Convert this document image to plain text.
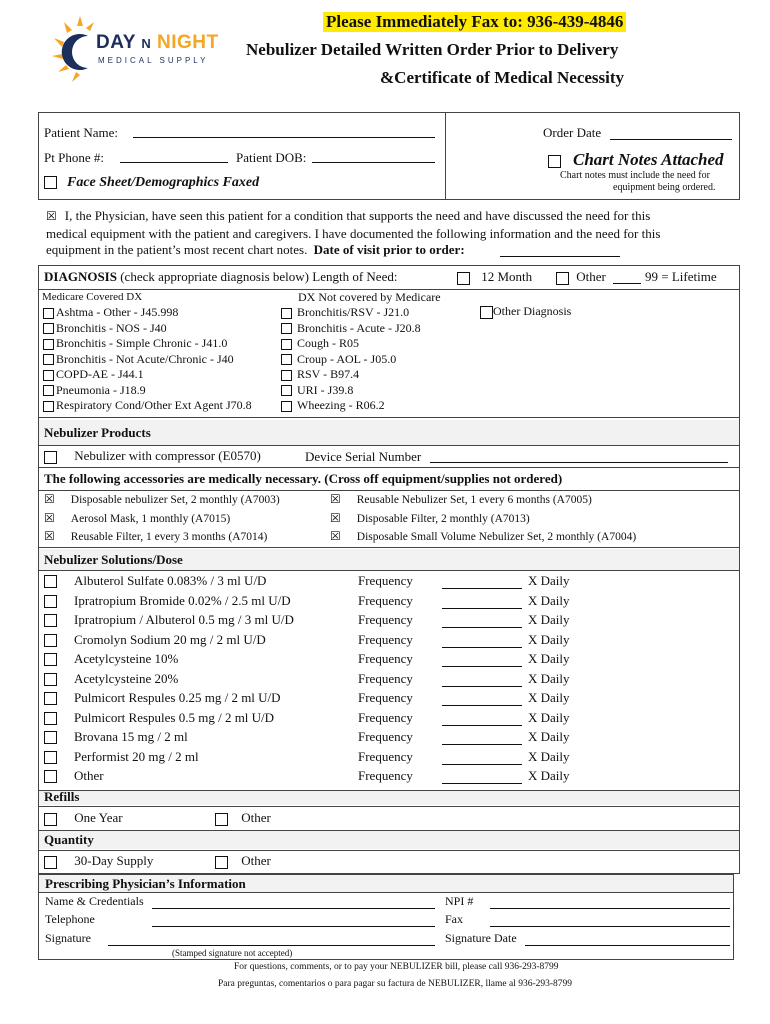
DAY N NIGHT
MEDICAL SUPPLY
Please Immediately Fax to: 936-439-4846
Nebulizer Detailed Written Order Prior to Delivery
&Certificate of Medical Necessity
Patient Name:
Pt Phone #:	Patient DOB:
Face Sheet/Demographics Faxed
Order Date
Chart Notes Attached
Chart notes must include the need for
equipment being ordered.
☒ I, the Physician, have seen this patient for a condition that supports the need and have discussed the need for this
medical equipment with the patient and caregivers. I have documented the following information and the need for this
equipment in the patient’s most recent chart notes. Date of visit prior to order:
DIAGNOSIS (check appropriate diagnosis below) Length of Need:	12 Month	Other	99 = Lifetime
Medicare Covered DX	DX Not covered by Medicare
Other Diagnosis
Ashtma - Other - J45.998
Bronchitis - NOS - J40
Bronchitis - Simple Chronic - J41.0
Bronchitis - Not Acute/Chronic - J40
COPD-AE - J44.1
Pneumonia - J18.9
Respiratory Cond/Other Ext Agent J70.8
Bronchitis/RSV - J21.0
Bronchitis - Acute - J20.8
Cough - R05
Croup - AOL - J05.0
RSV - B97.4
URI - J39.8
Wheezing - R06.2
Nebulizer Products
Nebulizer with compressor (E0570)	Device Serial Number
The following accessories are medically necessary. (Cross off equipment/supplies not ordered)
☒ Disposable nebulizer Set, 2 monthly (A7003)
☒ Aerosol Mask, 1 monthly (A7015)
☒ Reusable Filter, 1 every 3 months (A7014)
☒ Reusable Nebulizer Set, 1 every 6 months (A7005)
☒ Disposable Filter, 2 monthly (A7013)
☒ Disposable Small Volume Nebulizer Set, 2 monthly (A7004)
Nebulizer Solutions/Dose
Albuterol Sulfate 0.083% / 3 ml U/D	Frequency	X Daily
Ipratropium Bromide 0.02% / 2.5 ml U/D	Frequency	X Daily
Ipratropium / Albuterol 0.5 mg / 3 ml U/D	Frequency	X Daily
Cromolyn Sodium 20 mg / 2 ml U/D	Frequency	X Daily
Acetylcysteine 10%	Frequency	X Daily
Acetylcysteine 20%	Frequency	X Daily
Pulmicort Respules 0.25 mg / 2 ml U/D	Frequency	X Daily
Pulmicort Respules 0.5 mg / 2 ml U/D	Frequency	X Daily
Brovana 15 mg / 2 ml	Frequency	X Daily
Performist 20 mg / 2 ml	Frequency	X Daily
Other	Frequency	X Daily
Refills
One Year	Other
Quantity
30-Day Supply	Other
Prescribing Physician’s Information
Name & Credentials	NPI #
Telephone	Fax
Signature	Signature Date
(Stamped signature not accepted)
For questions, comments, or to pay your NEBULIZER bill, please call 936-293-8799
Para preguntas, comentarios o para pagar su factura de NEBULIZER, llame al 936-293-8799
